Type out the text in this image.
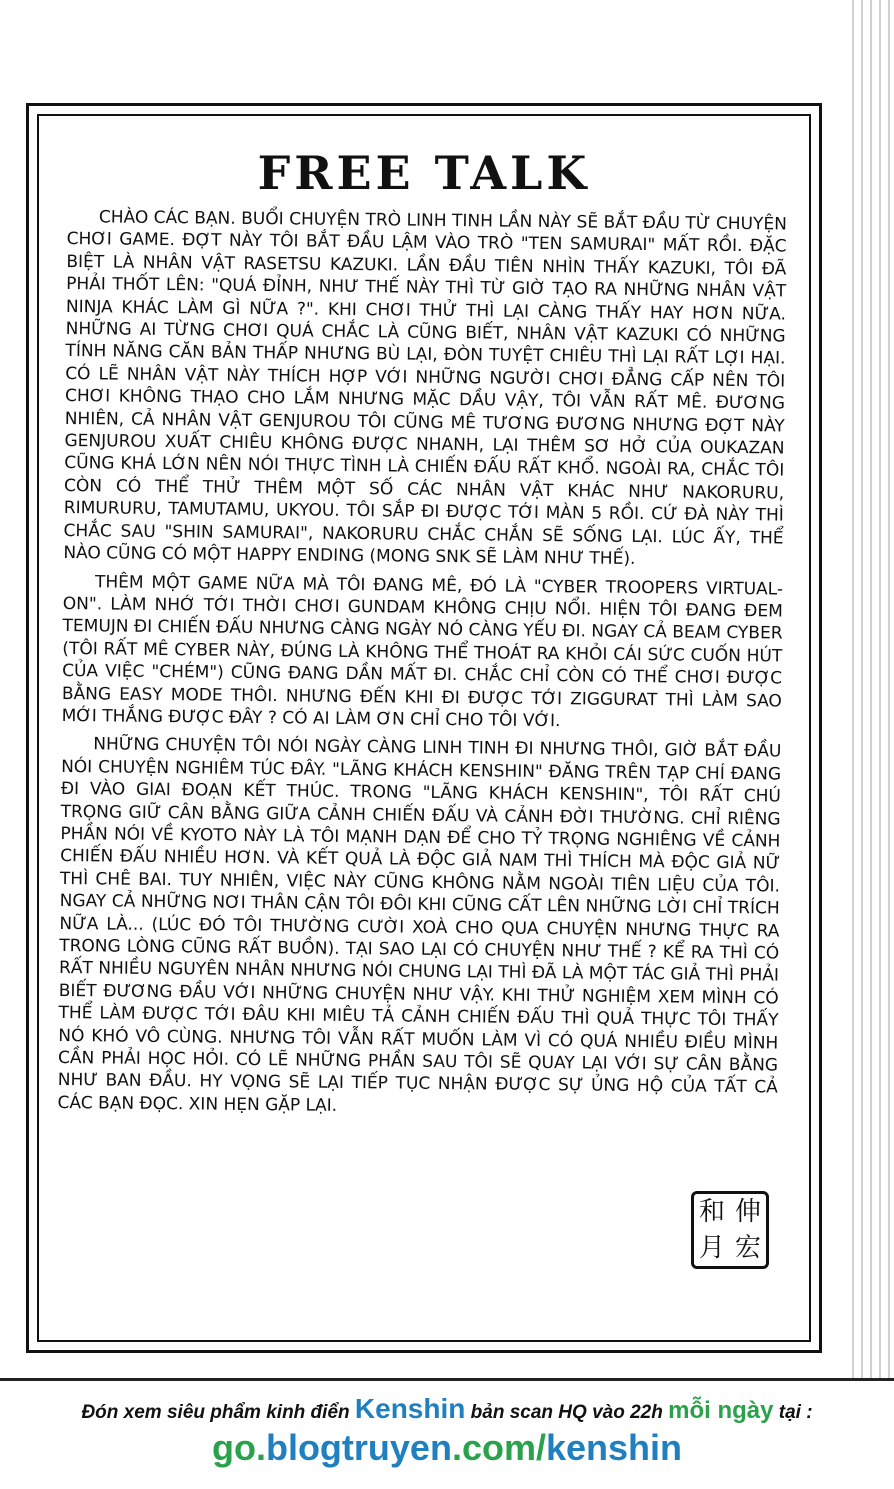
FREE TALK

CHÀO CÁC BẠN. BUỔI CHUYỆN TRÒ LINH TINH LẦN NÀY SẼ BẮT ĐẦU TỪ CHUYỆN CHƠI GAME. ĐỢT NÀY TÔI BẮT ĐẦU LẬM VÀO TRÒ "TEN SAMURAI" MẤT RỒI. ĐẶC BIỆT LÀ NHÂN VẬT RASETSU KAZUKI. LẦN ĐẦU TIÊN NHÌN THẤY KAZUKI, TÔI ĐÃ PHẢI THỐT LÊN: "QUÁ ĐỈNH, NHƯ THẾ NÀY THÌ TỪ GIỜ TẠO RA NHỮNG NHÂN VẬT NINJA KHÁC LÀM GÌ NỮA ?". KHI CHƠI THỬ THÌ LẠI CÀNG THẤY HAY HƠN NỮA. NHỮNG AI TỪNG CHƠI QUÁ CHẮC LÀ CŨNG BIẾT, NHÂN VẬT KAZUKI CÓ NHỮNG TÍNH NĂNG CĂN BẢN THẤP NHƯNG BÙ LẠI, ĐÒN TUYỆT CHIÊU THÌ LẠI RẤT LỢI HẠI. CÓ LẼ NHÂN VẬT NÀY THÍCH HỢP VỚI NHỮNG NGƯỜI CHƠI ĐẲNG CẤP NÊN TÔI CHƠI KHÔNG THẠO CHO LẮM NHƯNG MẶC DẦU VẬY, TÔI VẪN RẤT MÊ. ĐƯƠNG NHIÊN, CẢ NHÂN VẬT GENJUROU TÔI CŨNG MÊ TƯƠNG ĐƯƠNG NHƯNG ĐỢT NÀY GENJUROU XUẤT CHIÊU KHÔNG ĐƯỢC NHANH, LẠI THÊM SƠ HỞ CỦA OUKAZAN CŨNG KHÁ LỚN NÊN NÓI THỰC TÌNH LÀ CHIẾN ĐẤU RẤT KHỔ. NGOÀI RA, CHẮC TÔI CÒN CÓ THỂ THỬ THÊM MỘT SỐ CÁC NHÂN VẬT KHÁC NHƯ NAKORURU, RIMURURU, TAMUTAMU, UKYOU. TÔI SẮP ĐI ĐƯỢC TỚI MÀN 5 RỒI. CỨ ĐÀ NÀY THÌ CHẮC SAU "SHIN SAMURAI", NAKORURU CHẮC CHẮN SẼ SỐNG LẠI. LÚC ẤY, THỂ NÀO CŨNG CÓ MỘT HAPPY ENDING (MONG SNK SẼ LÀM NHƯ THẾ).

THÊM MỘT GAME NỮA MÀ TÔI ĐANG MÊ, ĐÓ LÀ "CYBER TROOPERS VIRTUAL-ON". LÀM NHỚ TỚI THỜI CHƠI GUNDAM KHÔNG CHỊU NỔI. HIỆN TÔI ĐANG ĐEM TEMUJN ĐI CHIẾN ĐẤU NHƯNG CÀNG NGÀY NÓ CÀNG YẾU ĐI. NGAY CẢ BEAM CYBER (TÔI RẤT MÊ CYBER NÀY, ĐÚNG LÀ KHÔNG THỂ THOÁT RA KHỎI CÁI SỨC CUỐN HÚT CỦA VIỆC "CHÉM") CŨNG ĐANG DẦN MẤT ĐI. CHẮC CHỈ CÒN CÓ THỂ CHƠI ĐƯỢC BẰNG EASY MODE THÔI. NHƯNG ĐẾN KHI ĐI ĐƯỢC TỚI ZIGGURAT THÌ LÀM SAO MỚI THẮNG ĐƯỢC ĐÂY ? CÓ AI LÀM ƠN CHỈ CHO TÔI VỚI.

NHỮNG CHUYỆN TÔI NÓI NGÀY CÀNG LINH TINH ĐI NHƯNG THÔI, GIỜ BẮT ĐẦU NÓI CHUYỆN NGHIÊM TÚC ĐÂY. "LÃNG KHÁCH KENSHIN" ĐĂNG TRÊN TẠP CHÍ ĐANG ĐI VÀO GIAI ĐOẠN KẾT THÚC. TRONG "LÃNG KHÁCH KENSHIN", TÔI RẤT CHÚ TRỌNG GIỮ CÂN BẰNG GIỮA CẢNH CHIẾN ĐẤU VÀ CẢNH ĐỜI THƯỜNG. CHỈ RIÊNG PHẦN NÓI VỀ KYOTO NÀY LÀ TÔI MẠNH DẠN ĐỂ CHO TỶ TRỌNG NGHIÊNG VỀ CẢNH CHIẾN ĐẤU NHIỀU HƠN. VÀ KẾT QUẢ LÀ ĐỘC GIẢ NAM THÌ THÍCH MÀ ĐỘC GIẢ NỮ THÌ CHÊ BAI. TUY NHIÊN, VIỆC NÀY CŨNG KHÔNG NẰM NGOÀI TIÊN LIỆU CỦA TÔI. NGAY CẢ NHỮNG NƠI THÂN CẬN TÔI ĐÔI KHI CŨNG CẤT LÊN NHỮNG LỜI CHỈ TRÍCH NỮA LÀ... (LÚC ĐÓ TÔI THƯỜNG CƯỜI XOÀ CHO QUA CHUYỆN NHƯNG THỰC RA TRONG LÒNG CŨNG RẤT BUỒN). TẠI SAO LẠI CÓ CHUYỆN NHƯ THẾ ? KỂ RA THÌ CÓ RẤT NHIỀU NGUYÊN NHÂN NHƯNG NÓI CHUNG LẠI THÌ ĐÃ LÀ MỘT TÁC GIẢ THÌ PHẢI BIẾT ĐƯƠNG ĐẦU VỚI NHỮNG CHUYỆN NHƯ VẬY. KHI THỬ NGHIỆM XEM MÌNH CÓ THỂ LÀM ĐƯỢC TỚI ĐÂU KHI MIÊU TẢ CẢNH CHIẾN ĐẤU THÌ QUẢ THỰC TÔI THẤY NÓ KHÓ VÔ CÙNG. NHƯNG TÔI VẪN RẤT MUỐN LÀM VÌ CÓ QUÁ NHIỀU ĐIỀU MÌNH CẦN PHẢI HỌC HỎI. CÓ LẼ NHỮNG PHẦN SAU TÔI SẼ QUAY LẠI VỚI SỰ CÂN BẰNG NHƯ BAN ĐẦU. HY VỌNG SẼ LẠI TIẾP TỤC NHẬN ĐƯỢC SỰ ỦNG HỘ CỦA TẤT CẢ CÁC BẠN ĐỌC. XIN HẸN GẶP LẠI.

和 伸
月 宏
Đón xem siêu phẩm kinh điển Kenshin bản scan HQ vào 22h mỗi ngày tại :
go.blogtruyen.com/kenshin
